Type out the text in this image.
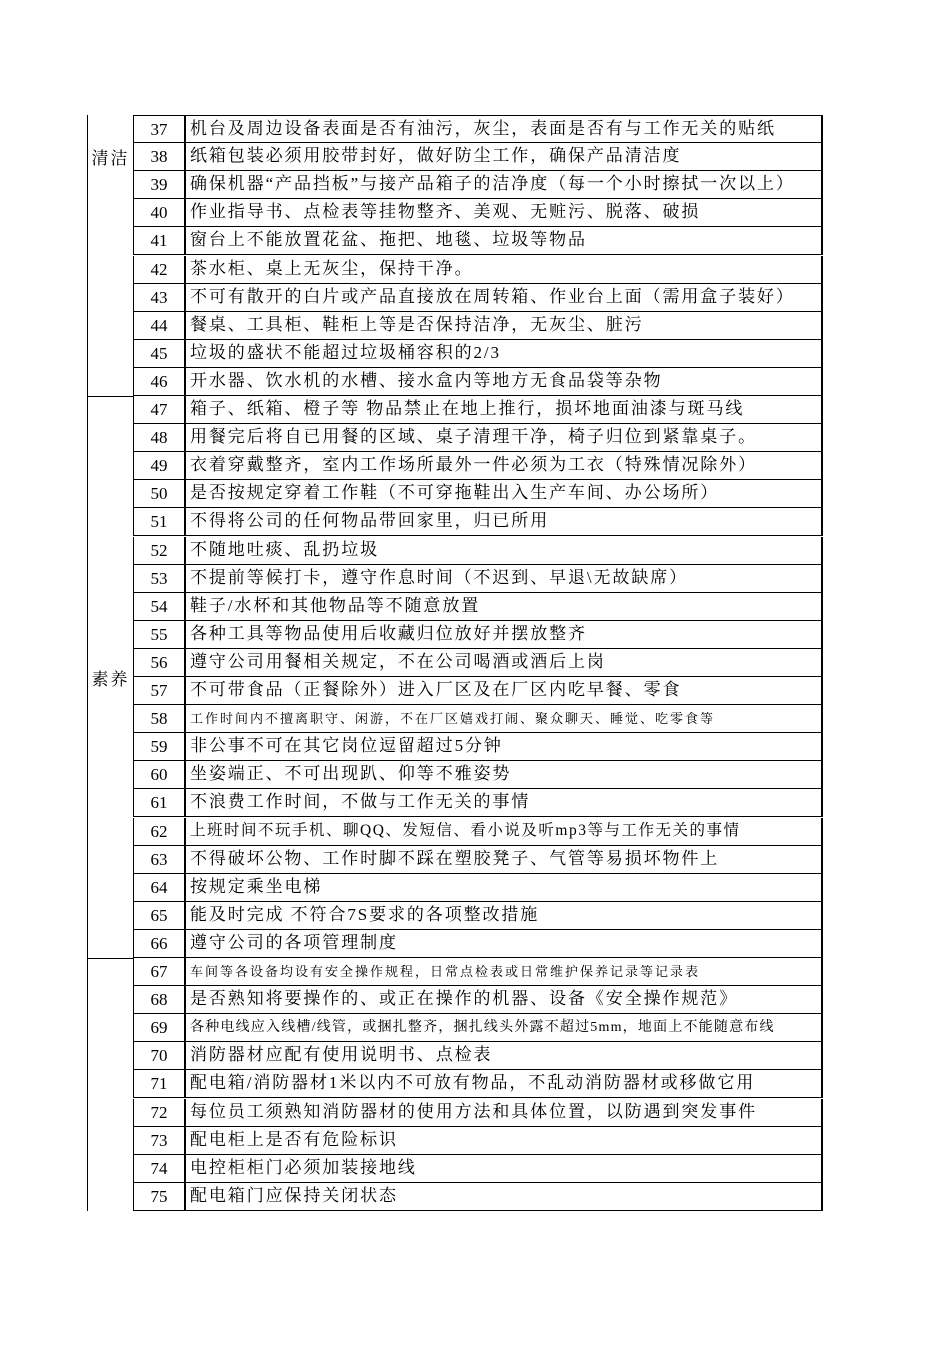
清洁
37	机台及周边设备表面是否有油污，灰尘，表面是否有与工作无关的贴纸
38	纸箱包装必须用胶带封好，做好防尘工作，确保产品清洁度
39	确保机器“产品挡板”与接产品箱子的洁净度（每一个小时擦拭一次以上）
40	作业指导书、点检表等挂物整齐、美观、无赃污、脱落、破损
41	窗台上不能放置花盆、拖把、地毯、垃圾等物品
42	茶水柜、桌上无灰尘，保持干净。
43	不可有散开的白片或产品直接放在周转箱、作业台上面（需用盒子装好）
44	餐桌、工具柜、鞋柜上等是否保持洁净，无灰尘、脏污
45	垃圾的盛状不能超过垃圾桶容积的2/3
46	开水器、饮水机的水槽、接水盒内等地方无食品袋等杂物
素养
47	箱子、纸箱、橙子等 物品禁止在地上推行，损坏地面油漆与斑马线
48	用餐完后将自已用餐的区域、桌子清理干净，椅子归位到紧靠桌子。
49	衣着穿戴整齐，室内工作场所最外一件必须为工衣（特殊情况除外）
50	是否按规定穿着工作鞋（不可穿拖鞋出入生产车间、办公场所）
51	不得将公司的任何物品带回家里，归已所用
52	不随地吐痰、乱扔垃圾
53	不提前等候打卡，遵守作息时间（不迟到、早退\无故缺席）
54	鞋子/水杯和其他物品等不随意放置
55	各种工具等物品使用后收藏归位放好并摆放整齐
56	遵守公司用餐相关规定，不在公司喝酒或酒后上岗
57	不可带食品（正餐除外）进入厂区及在厂区内吃早餐、零食
58	工作时间内不擅离职守、闲游，不在厂区嬉戏打闹、聚众聊天、睡觉、吃零食等
59	非公事不可在其它岗位逗留超过5分钟
60	坐姿端正、不可出现趴、仰等不雅姿势
61	不浪费工作时间，不做与工作无关的事情
62	上班时间不玩手机、聊QQ、发短信、看小说及听mp3等与工作无关的事情
63	不得破坏公物、工作时脚不踩在塑胶凳子、气管等易损坏物件上
64	按规定乘坐电梯
65	能及时完成 不符合7S要求的各项整改措施
66	遵守公司的各项管理制度
67	车间等各设备均设有安全操作规程，日常点检表或日常维护保养记录等记录表
68	是否熟知将要操作的、或正在操作的机器、设备《安全操作规范》
69	各种电线应入线槽/线管，或捆扎整齐，捆扎线头外露不超过5mm，地面上不能随意布线
70	消防器材应配有使用说明书、点检表
71	配电箱/消防器材1米以内不可放有物品，不乱动消防器材或移做它用
72	每位员工须熟知消防器材的使用方法和具体位置，以防遇到突发事件
73	配电柜上是否有危险标识
74	电控柜柜门必须加装接地线
75	配电箱门应保持关闭状态
